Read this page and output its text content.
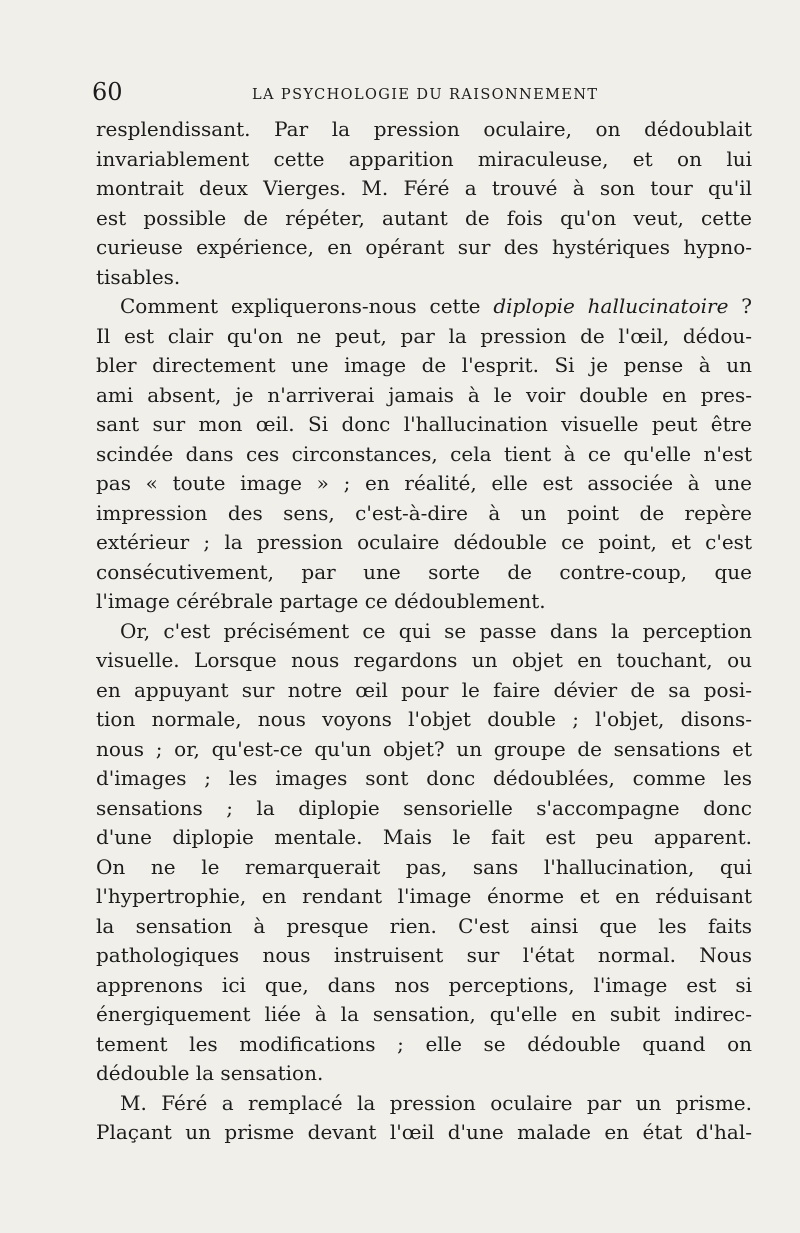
60	LA PSYCHOLOGIE DU RAISONNEMENT
resplendissant. Par la pression oculaire, on dédoublait
invariablement cette apparition miraculeuse, et on lui
montrait deux Vierges. M. Féré a trouvé à son tour qu'il
est possible de répéter, autant de fois qu'on veut, cette
curieuse expérience, en opérant sur des hystériques hypno-
tisables.
Comment expliquerons-nous cette diplopie hallucinatoire ?
Il est clair qu'on ne peut, par la pression de l'œil, dédou-
bler directement une image de l'esprit. Si je pense à un
ami absent, je n'arriverai jamais à le voir double en pres-
sant sur mon œil. Si donc l'hallucination visuelle peut être
scindée dans ces circonstances, cela tient à ce qu'elle n'est
pas « toute image » ; en réalité, elle est associée à une
impression des sens, c'est-à-dire à un point de repère
extérieur ; la pression oculaire dédouble ce point, et c'est
consécutivement, par une sorte de contre-coup, que
l'image cérébrale partage ce dédoublement.
Or, c'est précisément ce qui se passe dans la perception
visuelle. Lorsque nous regardons un objet en touchant, ou
en appuyant sur notre œil pour le faire dévier de sa posi-
tion normale, nous voyons l'objet double ; l'objet, disons-
nous ; or, qu'est-ce qu'un objet? un groupe de sensations et
d'images ; les images sont donc dédoublées, comme les
sensations ; la diplopie sensorielle s'accompagne donc
d'une diplopie mentale. Mais le fait est peu apparent.
On ne le remarquerait pas, sans l'hallucination, qui
l'hypertrophie, en rendant l'image énorme et en réduisant
la sensation à presque rien. C'est ainsi que les faits
pathologiques nous instruisent sur l'état normal. Nous
apprenons ici que, dans nos perceptions, l'image est si
énergiquement liée à la sensation, qu'elle en subit indirec-
tement les modifications ; elle se dédouble quand on
dédouble la sensation.
M. Féré a remplacé la pression oculaire par un prisme.
Plaçant un prisme devant l'œil d'une malade en état d'hal-
